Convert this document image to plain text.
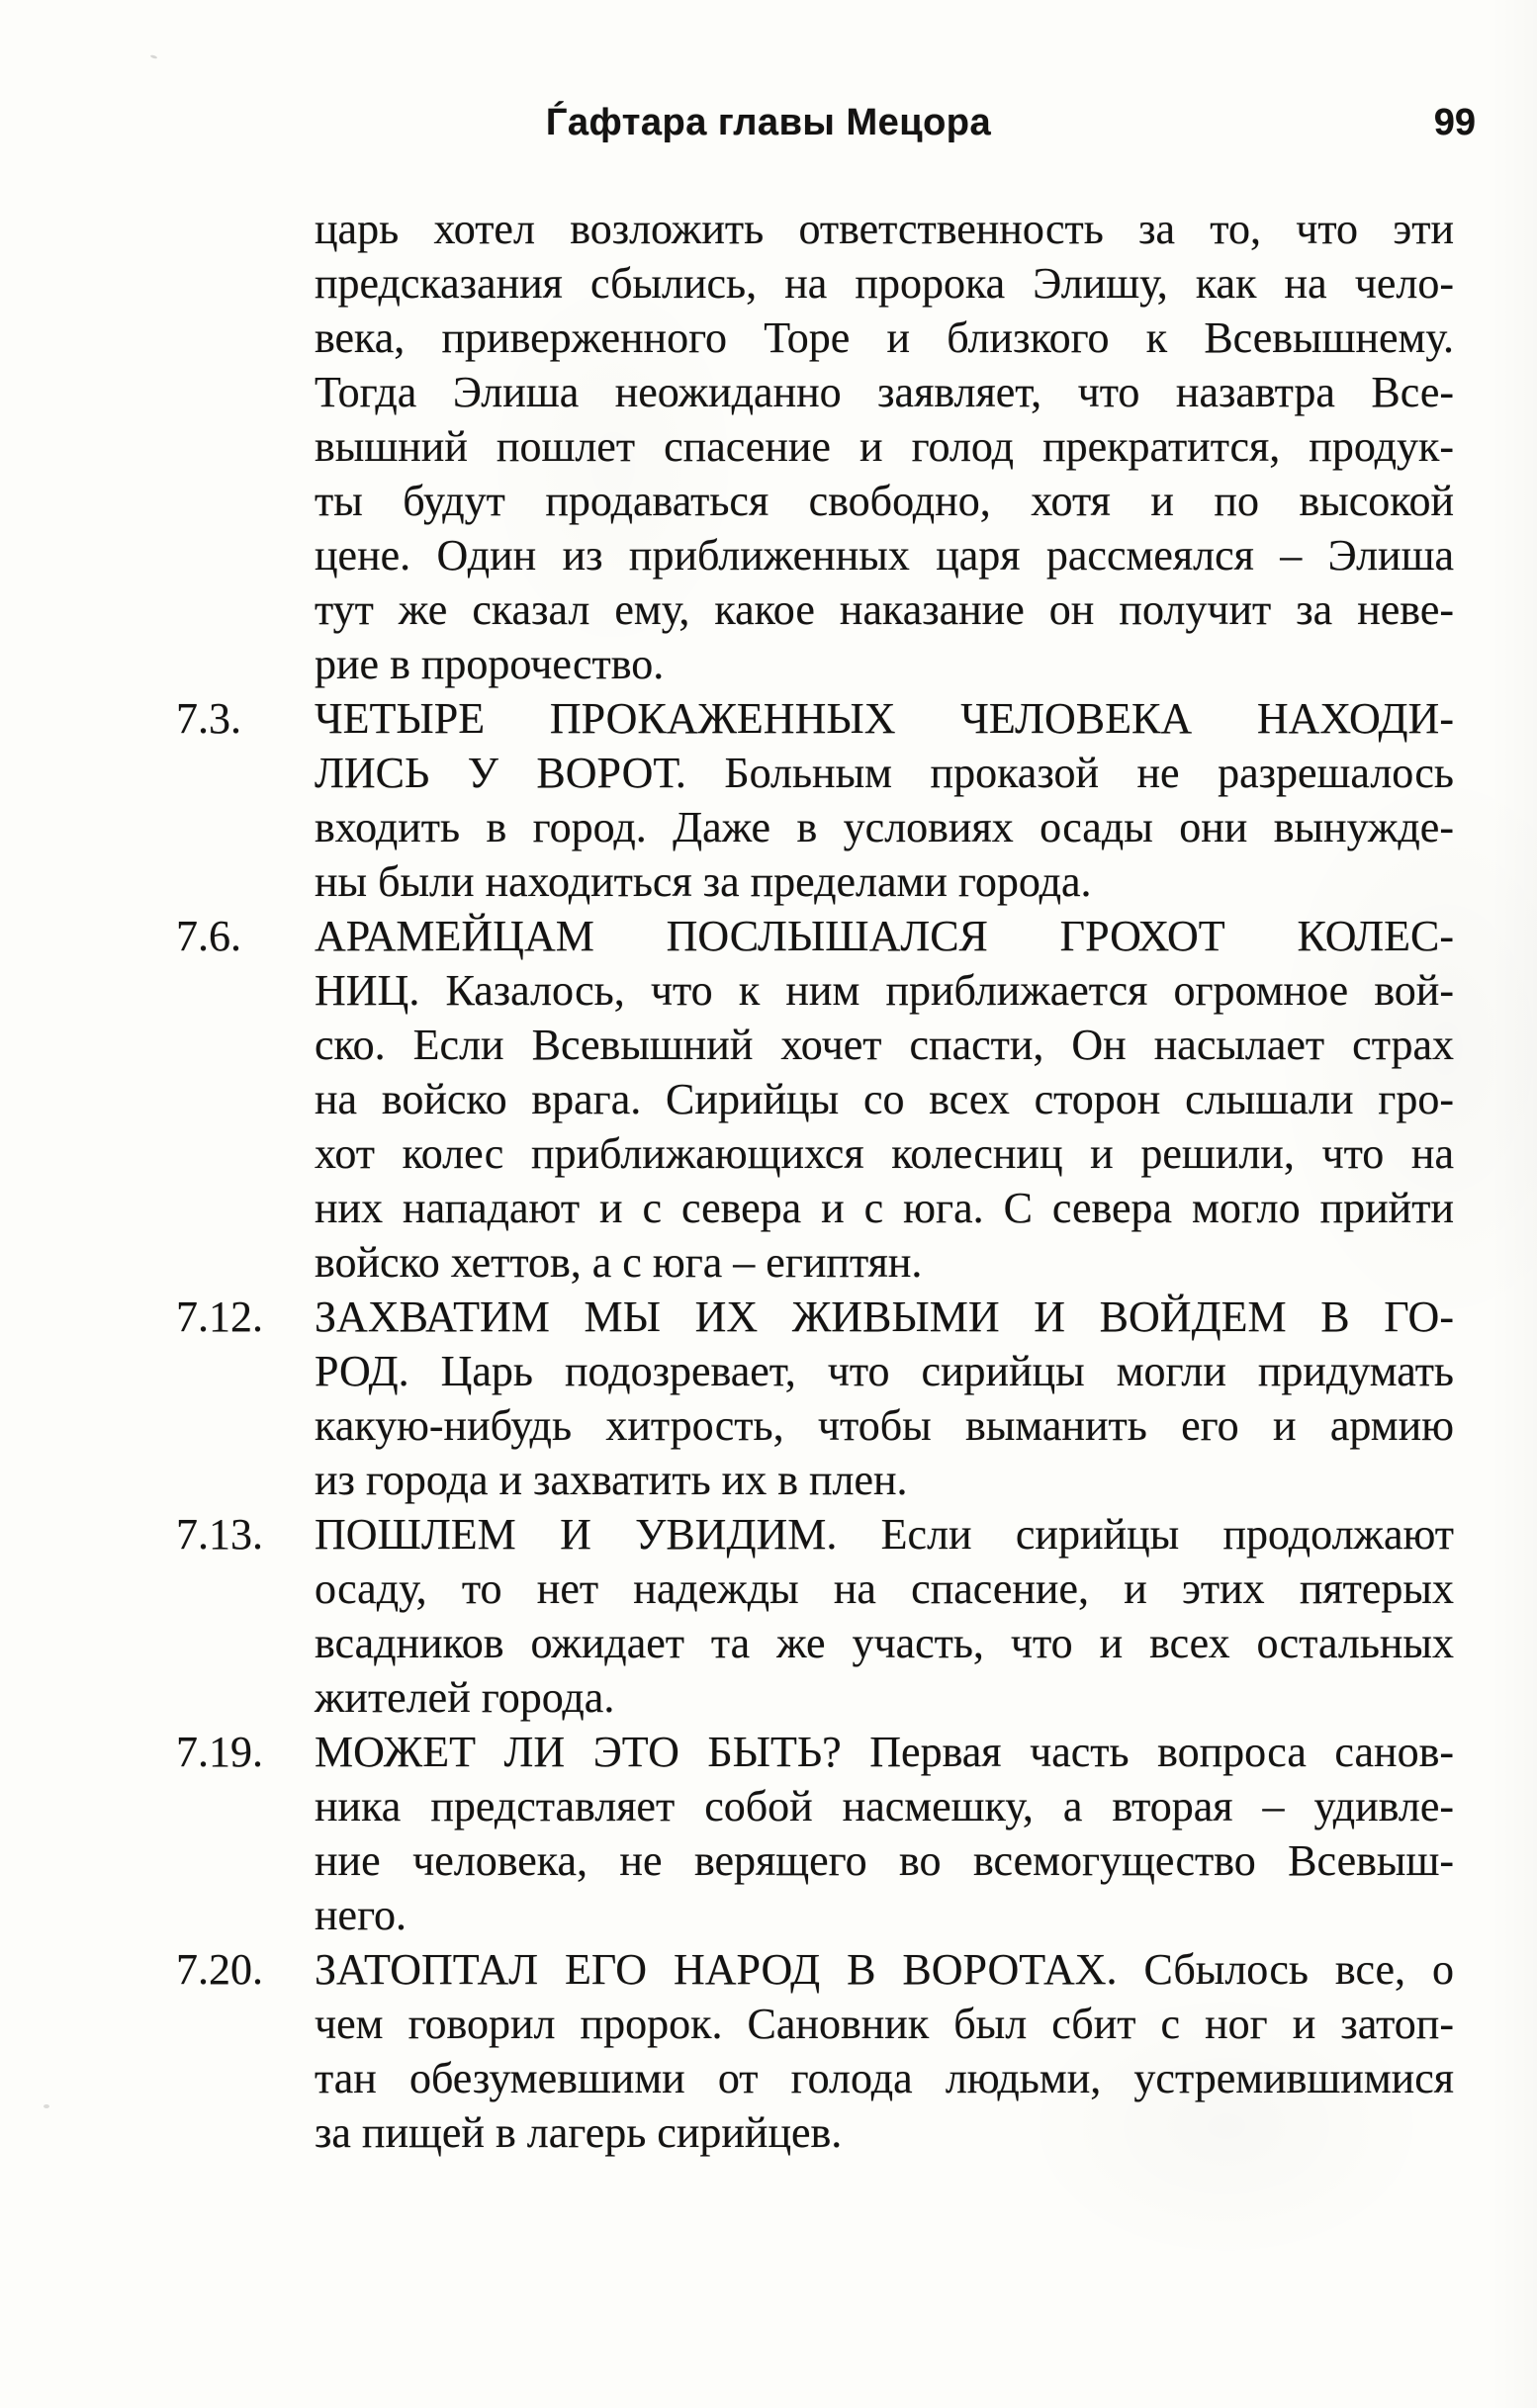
Ѓафтара главы Мецора	99
царь хотел возложить ответственность за то, что эти
предсказания сбылись, на пророка Элишу, как на чело-
века, приверженного Торе и близкого к Всевышнему.
Тогда Элиша неожиданно заявляет, что назавтра Все-
вышний пошлет спасение и голод прекратится, продук-
ты будут продаваться свободно, хотя и по высокой
цене. Один из приближенных царя рассмеялся – Элиша
тут же сказал ему, какое наказание он получит за неве-
рие в пророчество.
7.3. ЧЕТЫРЕ ПРОКАЖЕННЫХ ЧЕЛОВЕКА НАХОДИ-
ЛИСЬ У ВОРОТ. Больным проказой не разрешалось
входить в город. Даже в условиях осады они вынужде-
ны были находиться за пределами города.
7.6. АРАМЕЙЦАМ ПОСЛЫШАЛСЯ ГРОХОТ КОЛЕС-
НИЦ. Казалось, что к ним приближается огромное вой-
ско. Если Всевышний хочет спасти, Он насылает страх
на войско врага. Сирийцы со всех сторон слышали гро-
хот колес приближающихся колесниц и решили, что на
них нападают и с севера и с юга. С севера могло прийти
войско хеттов, а с юга – египтян.
7.12. ЗАХВАТИМ МЫ ИХ ЖИВЫМИ И ВОЙДЕМ В ГО-
РОД. Царь подозревает, что сирийцы могли придумать
какую-нибудь хитрость, чтобы выманить его и армию
из города и захватить их в плен.
7.13. ПОШЛЕМ И УВИДИМ. Если сирийцы продолжают
осаду, то нет надежды на спасение, и этих пятерых
всадников ожидает та же участь, что и всех остальных
жителей города.
7.19. МОЖЕТ ЛИ ЭТО БЫТЬ? Первая часть вопроса санов-
ника представляет собой насмешку, а вторая – удивле-
ние человека, не верящего во всемогущество Всевыш-
него.
7.20. ЗАТОПТАЛ ЕГО НАРОД В ВОРОТАХ. Сбылось все, о
чем говорил пророк. Сановник был сбит с ног и затоп-
тан обезумевшими от голода людьми, устремившимися
за пищей в лагерь сирийцев.
